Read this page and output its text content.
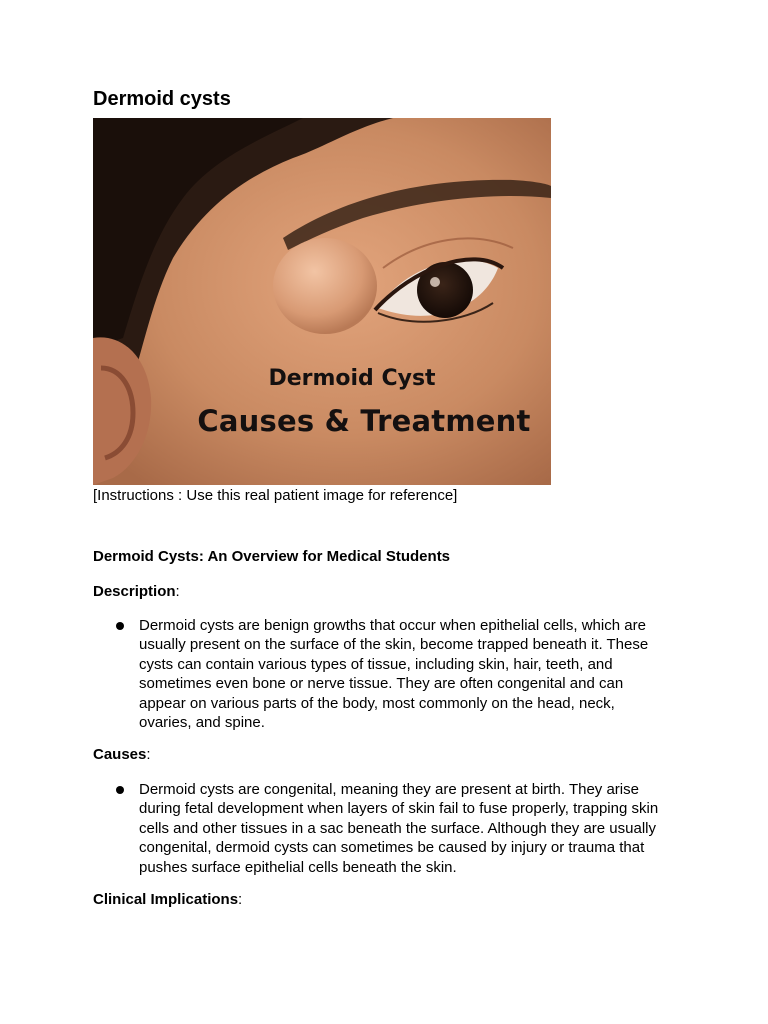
Dermoid cysts
Dermoid Cyst
Causes & Treatment

[Instructions : Use this real patient image for reference]

Dermoid Cysts: An Overview for Medical Students

Description:

Dermoid cysts are benign growths that occur when epithelial cells, which are usually present on the surface of the skin, become trapped beneath it. These cysts can contain various types of tissue, including skin, hair, teeth, and sometimes even bone or nerve tissue. They are often congenital and can appear on various parts of the body, most commonly on the head, neck, ovaries, and spine.

Causes:

Dermoid cysts are congenital, meaning they are present at birth. They arise during fetal development when layers of skin fail to fuse properly, trapping skin cells and other tissues in a sac beneath the surface. Although they are usually congenital, dermoid cysts can sometimes be caused by injury or trauma that pushes surface epithelial cells beneath the skin.

Clinical Implications:
